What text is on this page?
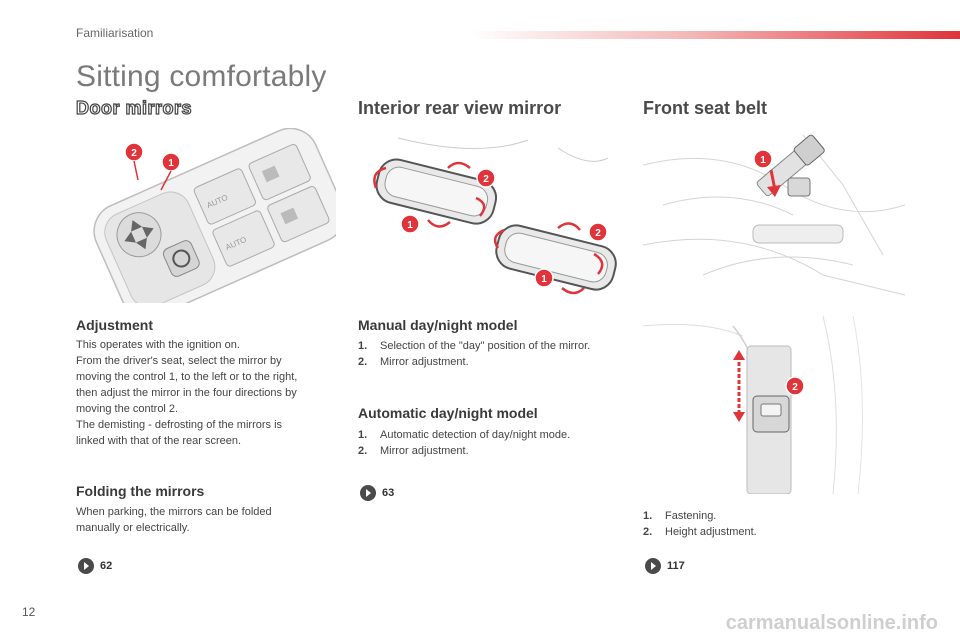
Familiarisation
Sitting comfortably
Door mirrors
AUTO
AUTO
2
1
Adjustment
This operates with the ignition on.
From the driver's seat, select the mirror by
moving the control 1, to the left or to the right,
then adjust the mirror in the four directions by
moving the control 2.
The demisting - defrosting of the mirrors is
linked with that of the rear screen.
Folding the mirrors
When parking, the mirrors can be folded
manually or electrically.
62
Interior rear view mirror
2
1
2
1
Manual day/night model
1.	Selection of the "day" position of the mirror.
2.	Mirror adjustment.
Automatic day/night model
1.	Automatic detection of day/night mode.
2.	Mirror adjustment.
63
Front seat belt
1
2
1.	Fastening.
2.	Height adjustment.
117
12	carmanualsonline.info
